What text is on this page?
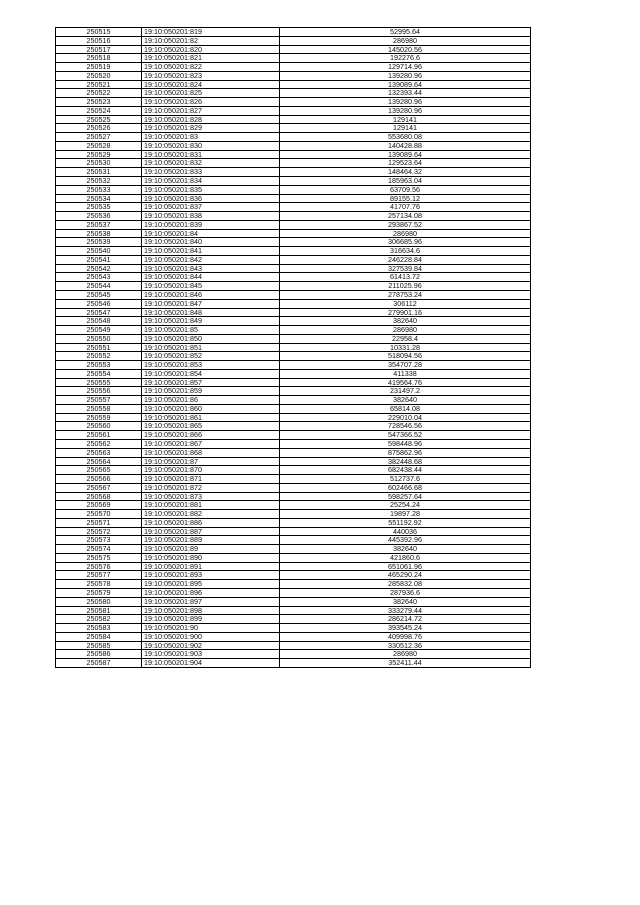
250515	19:10:050201:819	52995.64
250516	19:10:050201:82	286980
250517	19:10:050201:820	145020.56
250518	19:10:050201:821	192276.6
250519	19:10:050201:822	129714.96
250520	19:10:050201:823	139280.96
250521	19:10:050201:824	139089.64
250522	19:10:050201:825	132393.44
250523	19:10:050201:826	139280.96
250524	19:10:050201:827	139280.96
250525	19:10:050201:828	129141
250526	19:10:050201:829	129141
250527	19:10:050201:83	553680.08
250528	19:10:050201:830	140428.88
250529	19:10:050201:831	139089.64
250530	19:10:050201:832	129523.64
250531	19:10:050201:833	148464.32
250532	19:10:050201:834	185963.04
250533	19:10:050201:835	63709.56
250534	19:10:050201:836	89155.12
250535	19:10:050201:837	41707.76
250536	19:10:050201:838	257134.08
250537	19:10:050201:839	293867.52
250538	19:10:050201:84	286980
250539	19:10:050201:840	306685.96
250540	19:10:050201:841	316634.6
250541	19:10:050201:842	246228.84
250542	19:10:050201:843	327539.84
250543	19:10:050201:844	61413.72
250544	19:10:050201:845	211025.96
250545	19:10:050201:846	278753.24
250546	19:10:050201:847	306112
250547	19:10:050201:848	279901.16
250548	19:10:050201:849	382640
250549	19:10:050201:85	286980
250550	19:10:050201:850	22958.4
250551	19:10:050201:851	10331.28
250552	19:10:050201:852	518094.56
250553	19:10:050201:853	354707.28
250554	19:10:050201:854	411338
250555	19:10:050201:857	419564.76
250556	19:10:050201:859	231497.2
250557	19:10:050201:86	382640
250558	19:10:050201:860	65814.08
250559	19:10:050201:861	229010.04
250560	19:10:050201:865	728546.56
250561	19:10:050201:866	547366.52
250562	19:10:050201:867	598448.96
250563	19:10:050201:868	875862.96
250564	19:10:050201:87	382448.68
250565	19:10:050201:870	682438.44
250566	19:10:050201:871	512737.6
250567	19:10:050201:872	602466.68
250568	19:10:050201:873	598257.64
250569	19:10:050201:881	25254.24
250570	19:10:050201:882	19897.28
250571	19:10:050201:886	551192.92
250572	19:10:050201:887	440036
250573	19:10:050201:889	445392.96
250574	19:10:050201:89	382640
250575	19:10:050201:890	421860.6
250576	19:10:050201:891	651061.96
250577	19:10:050201:893	465290.24
250578	19:10:050201:895	285832.08
250579	19:10:050201:896	287936.6
250580	19:10:050201:897	382640
250581	19:10:050201:898	333279.44
250582	19:10:050201:899	286214.72
250583	19:10:050201:90	393545.24
250584	19:10:050201:900	409998.76
250585	19:10:050201:902	330512.36
250586	19:10:050201:903	286980
250587	19:10:050201:904	352411.44
